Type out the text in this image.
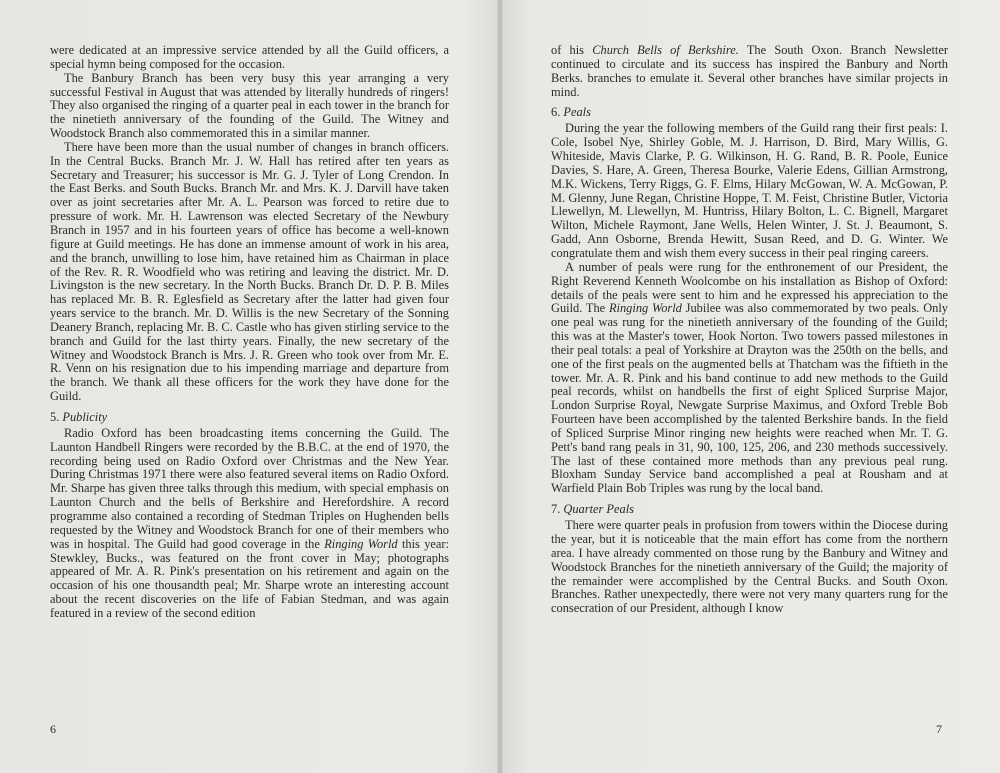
were dedicated at an impressive service attended by all the Guild officers, a special hymn being composed for the occasion.

The Banbury Branch has been very busy this year arranging a very successful Festival in August that was attended by literally hundreds of ringers! They also organised the ringing of a quarter peal in each tower in the branch for the ninetieth anniversary of the founding of the Guild. The Witney and Woodstock Branch also commemorated this in a similar manner.

There have been more than the usual number of changes in branch officers. In the Central Bucks. Branch Mr. J. W. Hall has retired after ten years as Secretary and Treasurer; his successor is Mr. G. J. Tyler of Long Crendon. In the East Berks. and South Bucks. Branch Mr. and Mrs. K. J. Darvill have taken over as joint secretaries after Mr. A. L. Pearson was forced to retire due to pressure of work. Mr. H. Lawrenson was elected Secretary of the Newbury Branch in 1957 and in his fourteen years of office has become a well-known figure at Guild meetings. He has done an immense amount of work in his area, and the branch, unwilling to lose him, have retained him as Chairman in place of the Rev. R. R. Woodfield who was retiring and leaving the district. Mr. D. Livingston is the new secretary. In the North Bucks. Branch Dr. D. P. B. Miles has replaced Mr. B. R. Eglesfield as Secretary after the latter had given four years service to the branch. Mr. D. Willis is the new Secretary of the Sonning Deanery Branch, replacing Mr. B. C. Castle who has given stirling service to the branch and Guild for the last thirty years. Finally, the new secretary of the Witney and Woodstock Branch is Mrs. J. R. Green who took over from Mr. E. R. Venn on his resignation due to his impending marriage and departure from the branch. We thank all these officers for the work they have done for the Guild.

5. Publicity

Radio Oxford has been broadcasting items concerning the Guild. The Launton Handbell Ringers were recorded by the B.B.C. at the end of 1970, the recording being used on Radio Oxford over Christmas and the New Year. During Christmas 1971 there were also featured several items on Radio Oxford. Mr. Sharpe has given three talks through this medium, with special emphasis on Launton Church and the bells of Berkshire and Herefordshire. A record programme also contained a recording of Stedman Triples on Hughenden bells requested by the Witney and Woodstock Branch for one of their members who was in hospital. The Guild had good coverage in the Ringing World this year: Stewkley, Bucks., was featured on the front cover in May; photographs appeared of Mr. A. R. Pink's presentation on his retirement and again on the occasion of his one thousandth peal; Mr. Sharpe wrote an interesting account about the recent discoveries on the life of Fabian Stedman, and was again featured in a review of the second edition

6

of his Church Bells of Berkshire. The South Oxon. Branch Newsletter continued to circulate and its success has inspired the Banbury and North Berks. branches to emulate it. Several other branches have similar projects in mind.

6. Peals

During the year the following members of the Guild rang their first peals: I. Cole, Isobel Nye, Shirley Goble, M. J. Harrison, D. Bird, Mary Willis, G. Whiteside, Mavis Clarke, P. G. Wilkinson, H. G. Rand, B. R. Poole, Eunice Davies, S. Hare, A. Green, Theresa Bourke, Valerie Edens, Gillian Armstrong, M.K. Wickens, Terry Riggs, G. F. Elms, Hilary McGowan, W. A. McGowan, P. M. Glenny, June Regan, Christine Hoppe, T. M. Feist, Christine Butler, Victoria Llewellyn, M. Llewellyn, M. Huntriss, Hilary Bolton, L. C. Bignell, Margaret Wilton, Michele Raymont, Jane Wells, Helen Winter, J. St. J. Beaumont, S. Gadd, Ann Osborne, Brenda Hewitt, Susan Reed, and D. G. Winter. We congratulate them and wish them every success in their peal ringing careers.

A number of peals were rung for the enthronement of our President, the Right Reverend Kenneth Woolcombe on his installation as Bishop of Oxford: details of the peals were sent to him and he expressed his appreciation to the Guild. The Ringing World Jubilee was also commemorated by two peals. Only one peal was rung for the ninetieth anniversary of the founding of the Guild; this was at the Master's tower, Hook Norton. Two towers passed milestones in their peal totals: a peal of Yorkshire at Drayton was the 250th on the bells, and one of the first peals on the augmented bells at Thatcham was the fiftieth in the tower. Mr. A. R. Pink and his band continue to add new methods to the Guild peal records, whilst on handbells the first of eight Spliced Surprise Major, London Surprise Royal, Newgate Surprise Maximus, and Oxford Treble Bob Fourteen have been accomplished by the talented Berkshire bands. In the field of Spliced Surprise Minor ringing new heights were reached when Mr. T. G. Pett's band rang peals in 31, 90, 100, 125, 206, and 230 methods successively. The last of these contained more methods than any previous peal rung. Bloxham Sunday Service band accomplished a peal at Rousham and at Warfield Plain Bob Triples was rung by the local band.

7. Quarter Peals

There were quarter peals in profusion from towers within the Diocese during the year, but it is noticeable that the main effort has come from the northern area. I have already commented on those rung by the Banbury and Witney and Woodstock Branches for the ninetieth anniversary of the Guild; the majority of the remainder were accomplished by the Central Bucks. and South Oxon. Branches. Rather unexpectedly, there were not very many quarters rung for the consecration of our President, although I know

7
